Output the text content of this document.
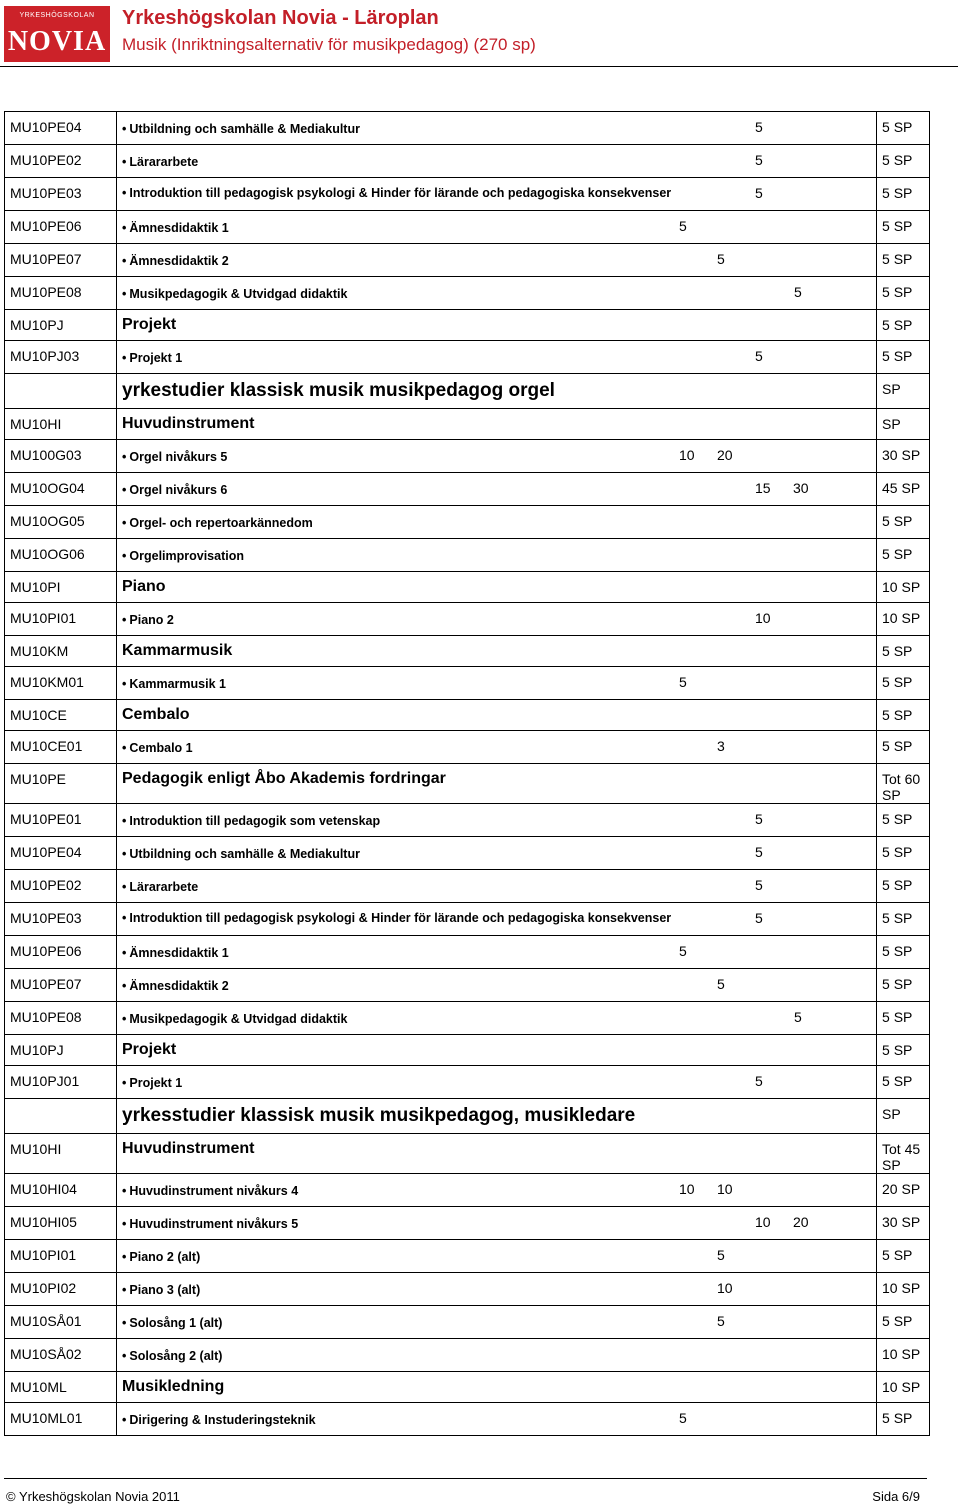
YRKESHÖGSKOLAN
NOVIA
Yrkeshögskolan Novia - Läroplan
Musik (Inriktningsalternativ för musikpedagog) (270 sp)
MU10PE04	• Utbildning och samhälle & Mediakultur 5	5 SP
MU10PE02	• Lärararbete 5	5 SP
MU10PE03	• Introduktion till pedagogisk psykologi & Hinder för lärande och pedagogiska konsekvenser 5	5 SP
MU10PE06	• Ämnesdidaktik 1 5	5 SP
MU10PE07	• Ämnesdidaktik 2 5	5 SP
MU10PE08	• Musikpedagogik & Utvidgad didaktik 5	5 SP
MU10PJ	Projekt	5 SP
MU10PJ03	• Projekt 1 5	5 SP

	yrkestudier klassisk musik musikpedagog orgel	SP
MU10HI	Huvudinstrument	SP
MU100G03	• Orgel nivåkurs 5 10 20	30 SP
MU10OG04	• Orgel nivåkurs 6 15 30	45 SP
MU10OG05	• Orgel- och repertoarkännedom	5 SP
MU10OG06	• Orgelimprovisation	5 SP
MU10PI	Piano	10 SP
MU10PI01	• Piano 2 10	10 SP
MU10KM	Kammarmusik	5 SP
MU10KM01	• Kammarmusik 1 5	5 SP
MU10CE	Cembalo	5 SP
MU10CE01	• Cembalo 1 3	5 SP
MU10PE	Pedagogik enligt Åbo Akademis fordringar	Tot 60 SP
MU10PE01	• Introduktion till pedagogik som vetenskap 5	5 SP
MU10PE04	• Utbildning och samhälle & Mediakultur 5	5 SP
MU10PE02	• Lärararbete 5	5 SP
MU10PE03	• Introduktion till pedagogisk psykologi & Hinder för lärande och pedagogiska konsekvenser 5	5 SP
MU10PE06	• Ämnesdidaktik 1 5	5 SP
MU10PE07	• Ämnesdidaktik 2 5	5 SP
MU10PE08	• Musikpedagogik & Utvidgad didaktik 5	5 SP
MU10PJ	Projekt	5 SP
MU10PJ01	• Projekt 1 5	5 SP

	yrkesstudier klassisk musik musikpedagog, musikledare	SP
MU10HI	Huvudinstrument	Tot 45 SP
MU10HI04	• Huvudinstrument nivåkurs 4 10 10	20 SP
MU10HI05	• Huvudinstrument nivåkurs 5 10 20	30 SP
MU10PI01	• Piano 2 (alt) 5	5 SP
MU10PI02	• Piano 3 (alt) 10	10 SP
MU10SÅ01	• Solosång 1 (alt) 5	5 SP
MU10SÅ02	• Solosång 2 (alt)	10 SP
MU10ML	Musikledning	10 SP
MU10ML01	• Dirigering & Instuderingsteknik 5	5 SP
© Yrkeshögskolan Novia 2011	Sida 6/9
